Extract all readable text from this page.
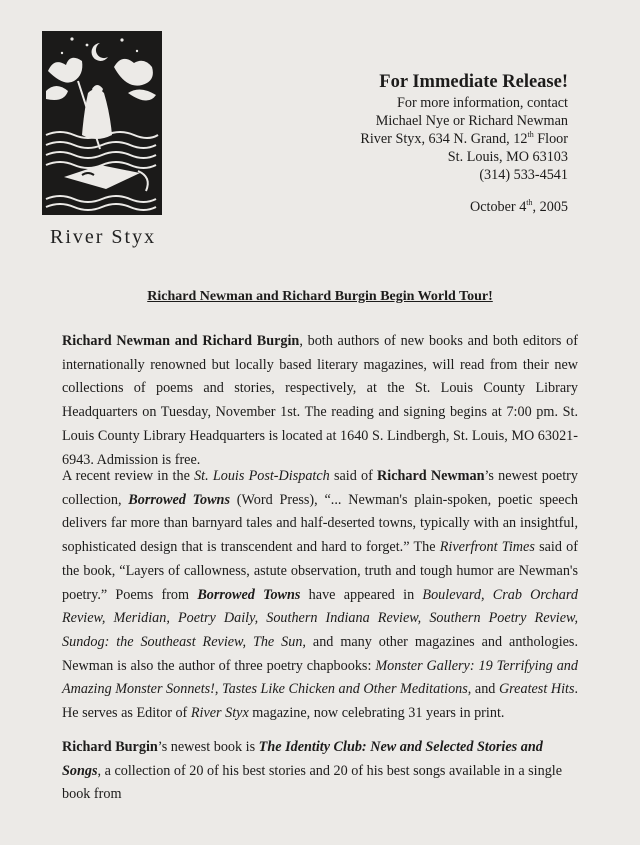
River Styx
For Immediate Release!
For more information, contact
Michael Nye or Richard Newman
River Styx, 634 N. Grand, 12th Floor
St. Louis, MO 63103
(314) 533-4541
October 4th, 2005
Richard Newman and Richard Burgin Begin World Tour!
Richard Newman and Richard Burgin, both authors of new books and both editors of internationally renowned but locally based literary magazines, will read from their new collections of poems and stories, respectively, at the St. Louis County Library Headquarters on Tuesday, November 1st. The reading and signing begins at 7:00 pm. St. Louis County Library Headquarters is located at 1640 S. Lindbergh, St. Louis, MO 63021-6943. Admission is free.
A recent review in the St. Louis Post-Dispatch said of Richard Newman’s newest poetry collection, Borrowed Towns (Word Press), “... Newman's plain-spoken, poetic speech delivers far more than barnyard tales and half-deserted towns, typically with an insightful, sophisticated design that is transcendent and hard to forget.” The Riverfront Times said of the book, “Layers of callowness, astute observation, truth and tough humor are Newman's poetry.” Poems from Borrowed Towns have appeared in Boulevard, Crab Orchard Review, Meridian, Poetry Daily, Southern Indiana Review, Southern Poetry Review, Sundog: the Southeast Review, The Sun, and many other magazines and anthologies. Newman is also the author of three poetry chapbooks: Monster Gallery: 19 Terrifying and Amazing Monster Sonnets!, Tastes Like Chicken and Other Meditations, and Greatest Hits. He serves as Editor of River Styx magazine, now celebrating 31 years in print.
Richard Burgin’s newest book is The Identity Club: New and Selected Stories and Songs, a collection of 20 of his best stories and 20 of his best songs available in a single book from
